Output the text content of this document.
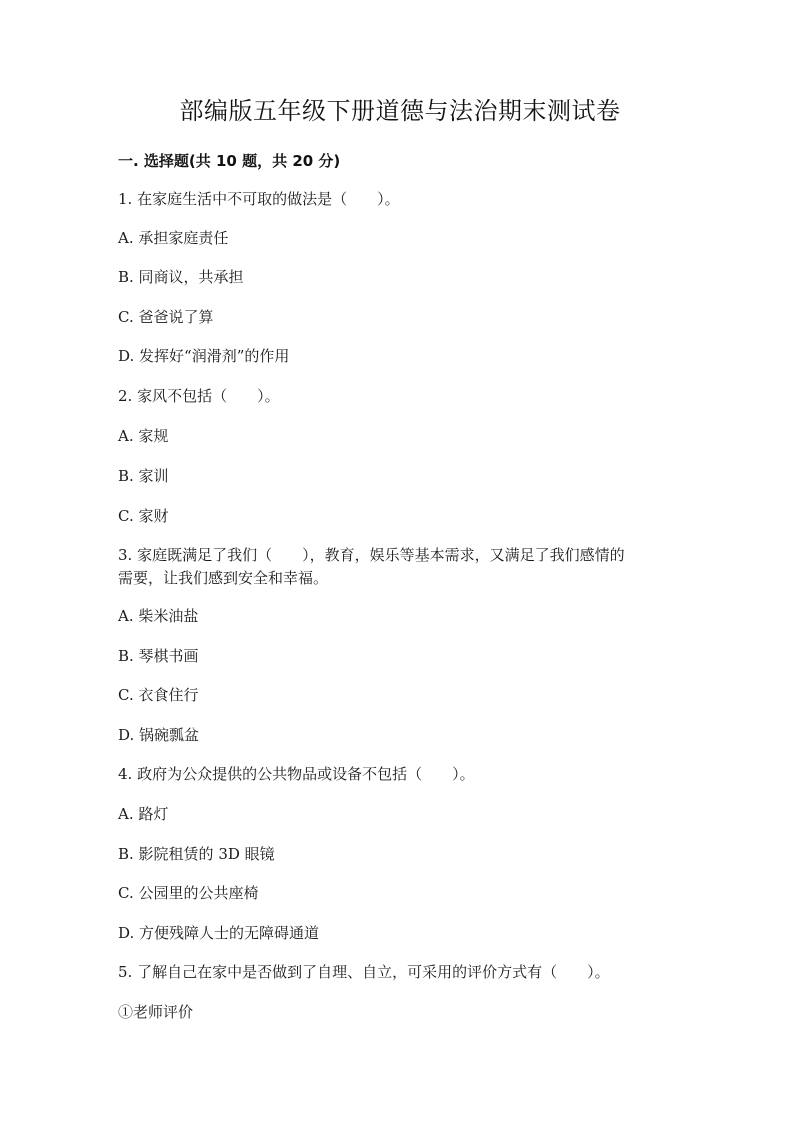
部编版五年级下册道德与法治期末测试卷
一. 选择题(共 10 题，共 20 分)
1. 在家庭生活中不可取的做法是（　　）。
A. 承担家庭责任
B. 同商议，共承担
C. 爸爸说了算
D. 发挥好“润滑剂”的作用
2. 家风不包括（　　）。
A. 家规
B. 家训
C. 家财
3. 家庭既满足了我们（　　），教育，娱乐等基本需求，又满足了我们感情的
需要，让我们感到安全和幸福。
A. 柴米油盐
B. 琴棋书画
C. 衣食住行
D. 锅碗瓢盆
4. 政府为公众提供的公共物品或设备不包括（　　）。
A. 路灯
B. 影院租赁的 3D 眼镜
C. 公园里的公共座椅
D. 方便残障人士的无障碍通道
5. 了解自己在家中是否做到了自理、自立，可采用的评价方式有（　　）。
①老师评价
